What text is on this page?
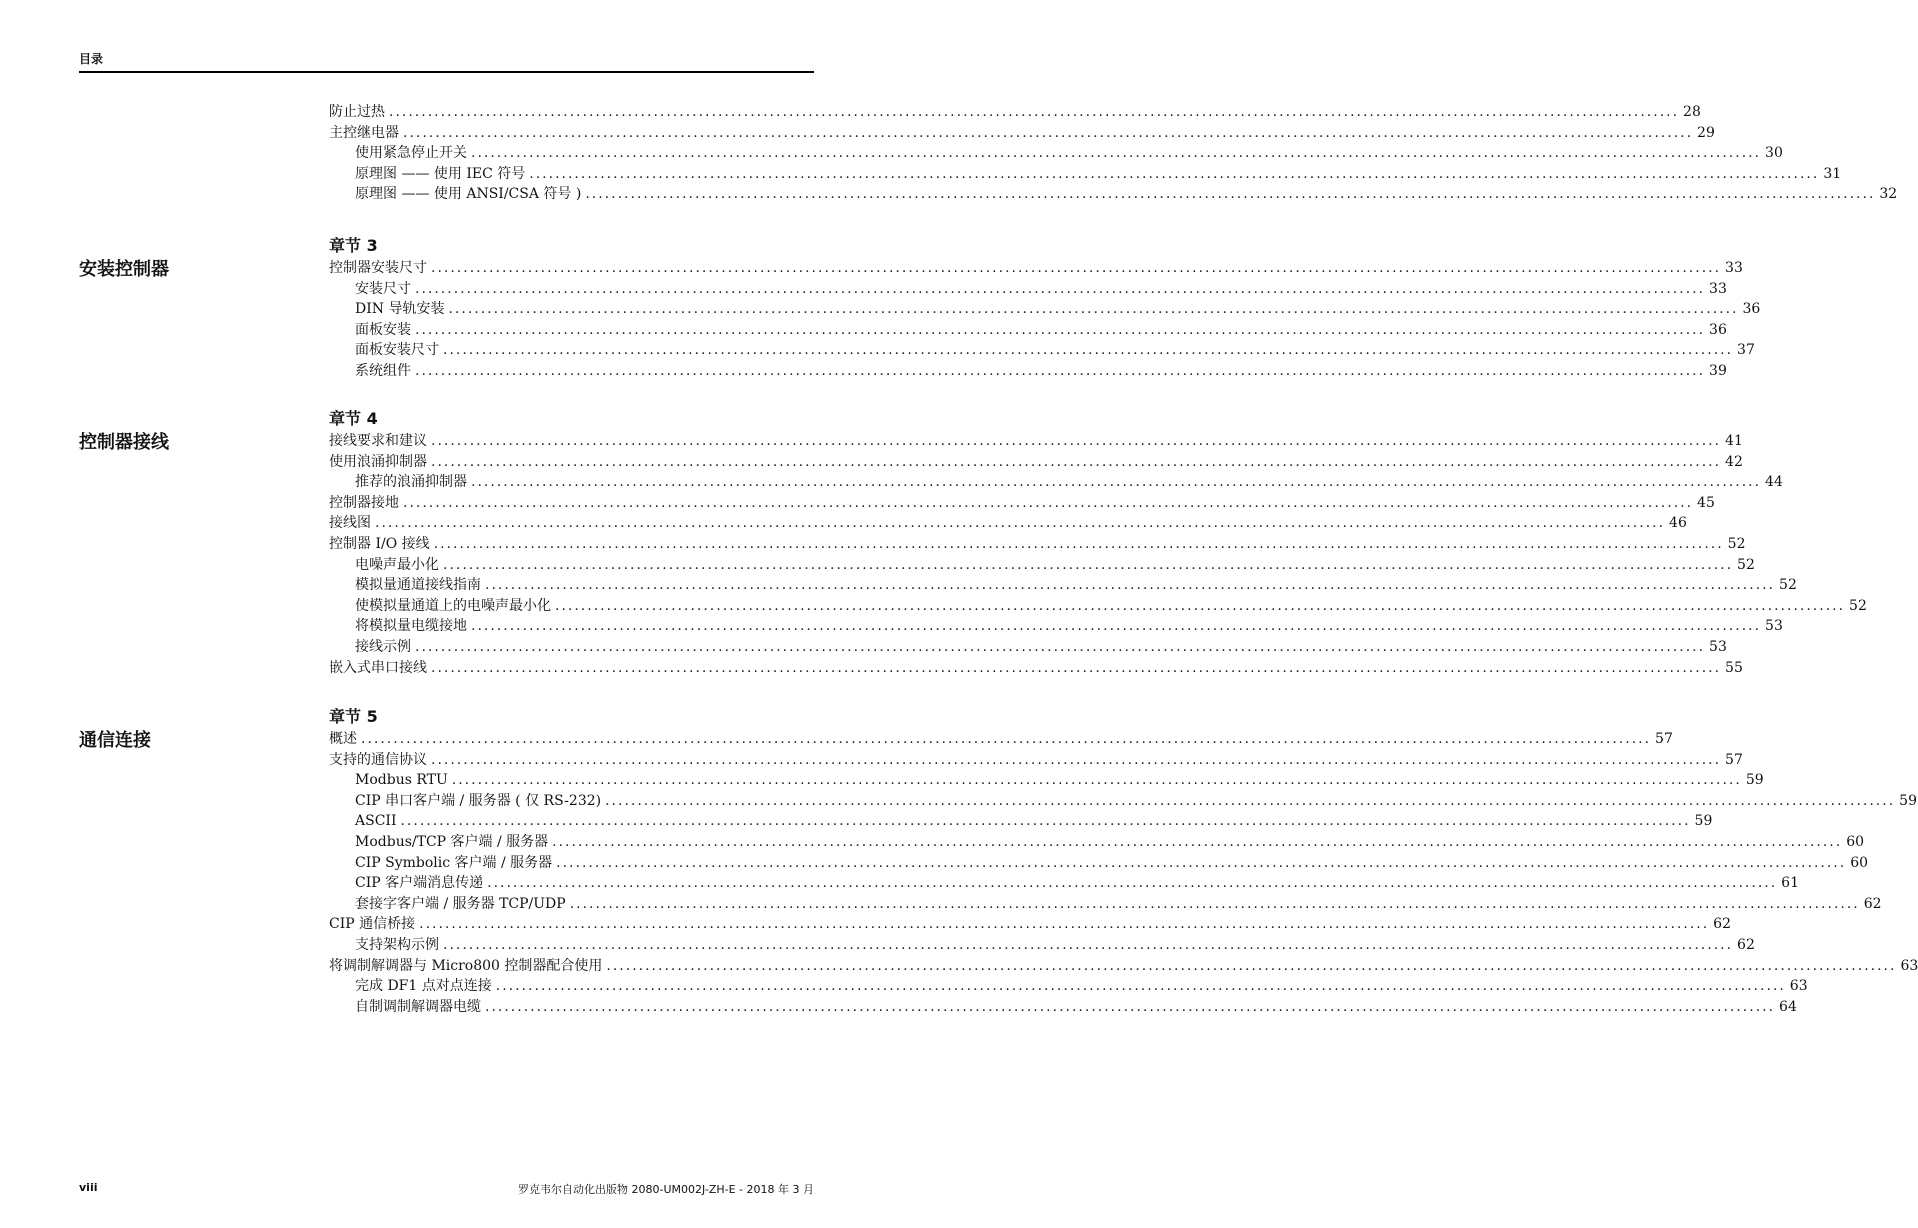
目录
防止过热 ........................................................................................................................................................................................................ 28
主控继电器 ........................................................................................................................................................................................................ 29
使用紧急停止开关 ........................................................................................................................................................................................................ 30
原理图 —— 使用 IEC 符号 ........................................................................................................................................................................................................ 31
原理图 —— 使用 ANSI/CSA 符号 ) ........................................................................................................................................................................................................ 32
章节 3
安装控制器	控制器安装尺寸 ........................................................................................................................................................................................................ 33
安装尺寸 ........................................................................................................................................................................................................ 33
DIN 导轨安装 ........................................................................................................................................................................................................ 36
面板安装 ........................................................................................................................................................................................................ 36
面板安装尺寸 ........................................................................................................................................................................................................ 37
系统组件 ........................................................................................................................................................................................................ 39
章节 4
控制器接线	接线要求和建议 ........................................................................................................................................................................................................ 41
使用浪涌抑制器 ........................................................................................................................................................................................................ 42
推荐的浪涌抑制器 ........................................................................................................................................................................................................ 44
控制器接地 ........................................................................................................................................................................................................ 45
接线图 ........................................................................................................................................................................................................ 46
控制器 I/O 接线 ........................................................................................................................................................................................................ 52
电噪声最小化 ........................................................................................................................................................................................................ 52
模拟量通道接线指南 ........................................................................................................................................................................................................ 52
使模拟量通道上的电噪声最小化 ........................................................................................................................................................................................................ 52
将模拟量电缆接地 ........................................................................................................................................................................................................ 53
接线示例 ........................................................................................................................................................................................................ 53
嵌入式串口接线 ........................................................................................................................................................................................................ 55
章节 5
通信连接	概述 ........................................................................................................................................................................................................ 57
支持的通信协议 ........................................................................................................................................................................................................ 57
Modbus RTU ........................................................................................................................................................................................................ 59
CIP 串口客户端 / 服务器 ( 仅 RS-232) ........................................................................................................................................................................................................ 59
ASCII ........................................................................................................................................................................................................ 59
Modbus/TCP 客户端 / 服务器 ........................................................................................................................................................................................................ 60
CIP Symbolic 客户端 / 服务器 ........................................................................................................................................................................................................ 60
CIP 客户端消息传递 ........................................................................................................................................................................................................ 61
套接字客户端 / 服务器 TCP/UDP ........................................................................................................................................................................................................ 62
CIP 通信桥接 ........................................................................................................................................................................................................ 62
支持架构示例 ........................................................................................................................................................................................................ 62
将调制解调器与 Micro800 控制器配合使用 ........................................................................................................................................................................................................ 63
完成 DF1 点对点连接 ........................................................................................................................................................................................................ 63
自制调制解调器电缆 ........................................................................................................................................................................................................ 64
viii	罗克韦尔自动化出版物 2080-UM002J-ZH-E - 2018 年 3 月
